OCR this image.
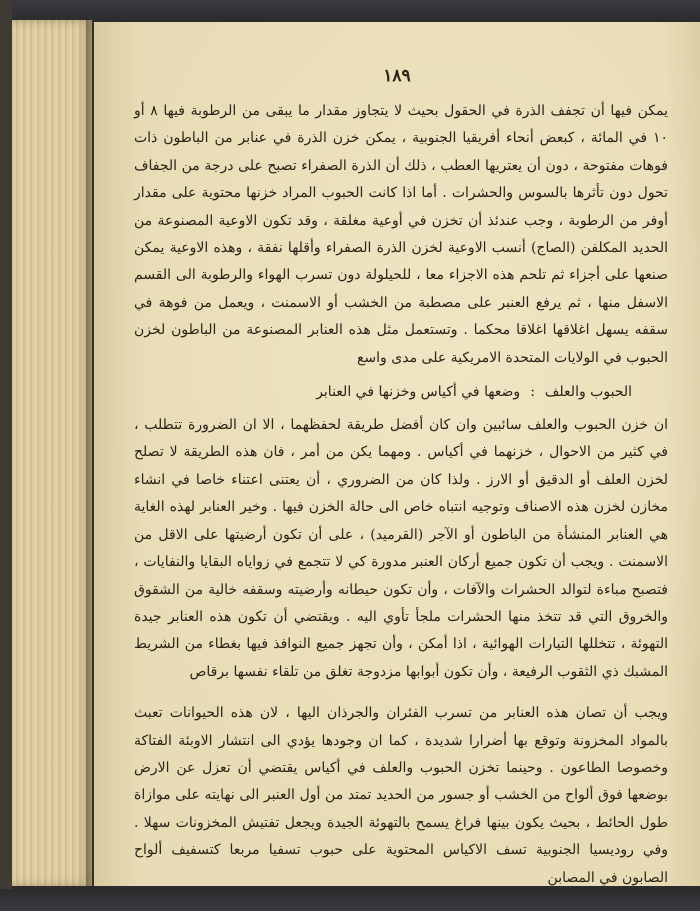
١٨٩

يمكن فيها أن تجفف الذرة في الحقول بحيث لا يتجاوز مقدار ما يبقى من الرطوبة فيها ٨ أو ١٠ في المائة ، كبعض أنحاء أفريقيا الجنوبية ، يمكن خزن الذرة في عنابر من الباطون ذات فوهات مفتوحة ، دون أن يعتريها العطب ، ذلك أن الذرة الصفراء تصبح على درجة من الجفاف تحول دون تأثرها بالسوس والحشرات . أما اذا كانت الحبوب المراد خزنها محتوية على مقدار أوفر من الرطوبة ، وجب عندئذ أن تخزن في أوعية مغلقة ، وقد تكون الاوعية المصنوعة من الحديد المكلفن (الصاج) أنسب الاوعية لخزن الذرة الصفراء وأقلها نفقة ، وهذه الاوعية يمكن صنعها على أجزاء ثم تلحم هذه الاجزاء معا ، للحيلولة دون تسرب الهواء والرطوبة الى القسم الاسفل منها ، ثم يرفع العنبر على مصطبة من الخشب أو الاسمنت ، ويعمل من فوهة في سقفه يسهل اغلاقها اغلاقا محكما . وتستعمل مثل هذه العنابر المصنوعة من الباطون لخزن الحبوب في الولايات المتحدة الامريكية على مدى واسع

الحبوب والعلف:وضعها في أكياس وخزنها في العنابر

ان خزن الحبوب والعلف سائبين وان كان أفضل طريقة لحفظهما ، الا ان الضرورة تتطلب ، في كثير من الاحوال ، خزنهما في أكياس . ومهما يكن من أمر ، فان هذه الطريقة لا تصلح لخزن العلف أو الدقيق أو الارز . ولذا كان من الضروري ، أن يعتنى اعتناء خاصا في انشاء مخازن لخزن هذه الاصناف وتوجيه انتباه خاص الى حالة الخزن فيها . وخير العنابر لهذه الغاية هي العنابر المنشأة من الباطون أو الآجر (القرميد) ، على أن تكون أرضيتها على الاقل من الاسمنت . ويجب أن تكون جميع أركان العنبر مدورة كي لا تتجمع في زواياه البقايا والنفايات ، فتصبح مباءة لتوالد الحشرات والآفات ، وأن تكون حيطانه وأرضيته وسقفه خالية من الشقوق والخروق التي قد تتخذ منها الحشرات ملجأ تأوي اليه . ويقتضي أن تكون هذه العنابر جيدة التهوئة ، تتخللها التيارات الهوائية ، اذا أمكن ، وأن تجهز جميع النوافذ فيها بغطاء من الشريط المشبك ذي الثقوب الرفيعة ، وأن تكون أبوابها مزدوجة تغلق من تلقاء نفسها برقاص

ويجب أن تصان هذه العنابر من تسرب الفئران والجرذان اليها ، لان هذه الحيوانات تعبث بالمواد المخزونة وتوقع بها أضرارا شديدة ، كما ان وجودها يؤدي الى انتشار الاوبئة الفتاكة وخصوصا الطاعون . وحينما تخزن الحبوب والعلف في أكياس يقتضي أن تعزل عن الارض بوضعها فوق ألواح من الخشب أو جسور من الحديد تمتد من أول العنبر الى نهايته على موازاة طول الحائط ، بحيث يكون بينها فراغ يسمح بالتهوئة الجيدة ويجعل تفتيش المخزونات سهلا . وفي روديسيا الجنوبية تسف الاكياس المحتوية على حبوب تسفيا مربعا كتسفيف ألواح الصابون في المصابن
